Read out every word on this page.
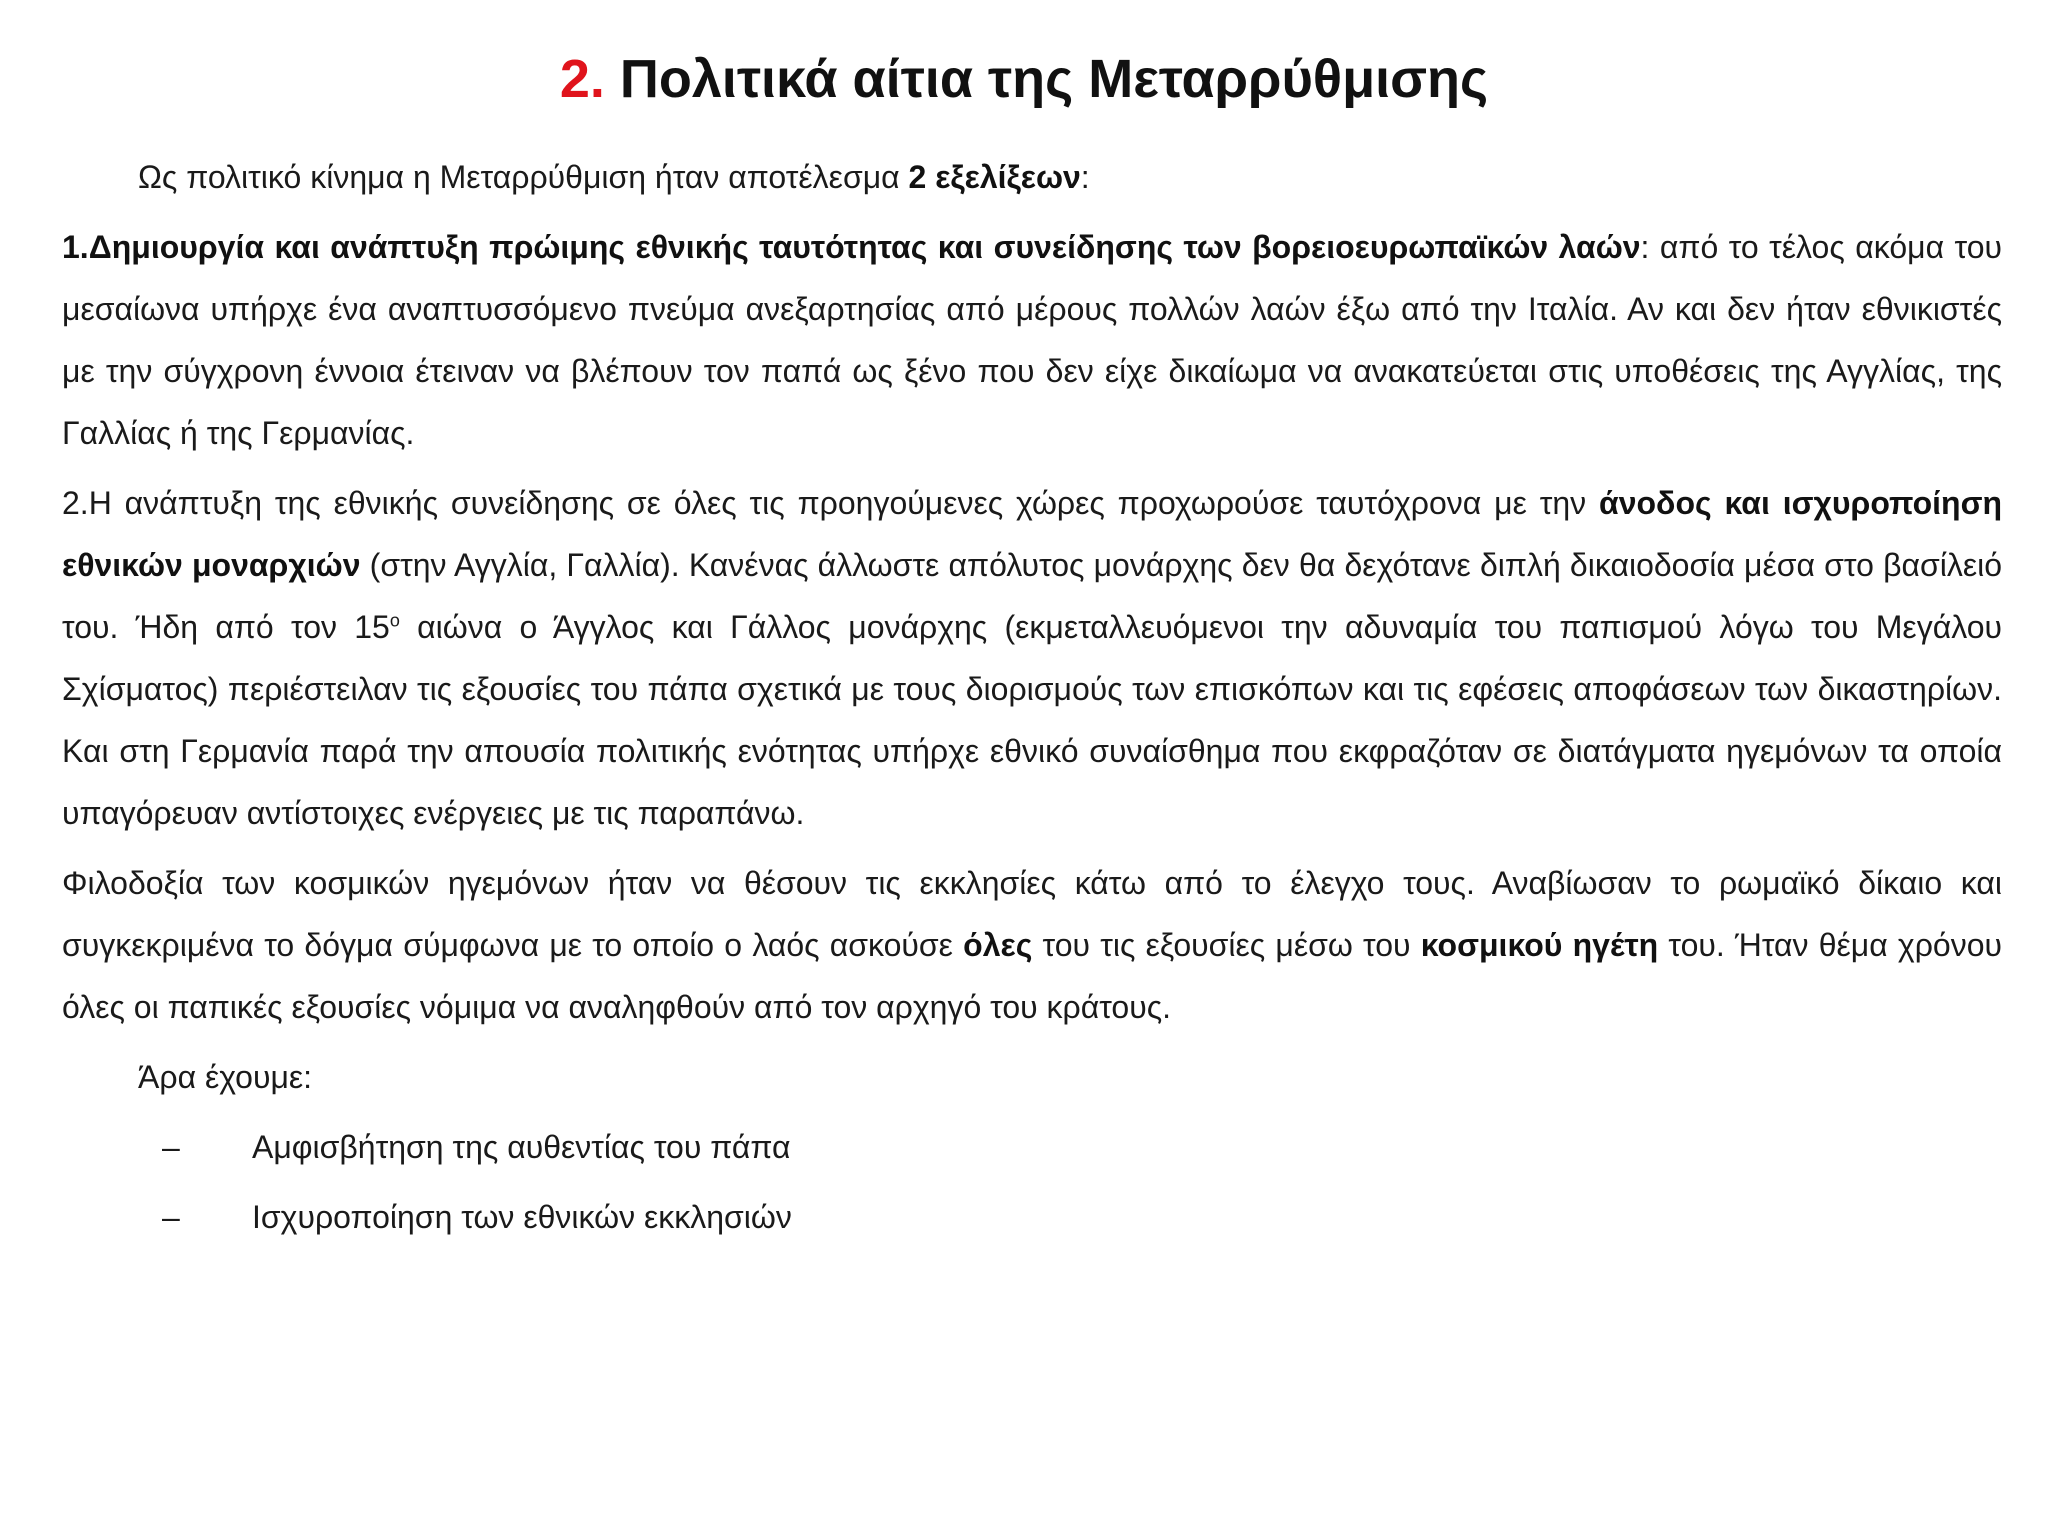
2. Πολιτικά αίτια της Μεταρρύθμισης

Ως πολιτικό κίνημα η Μεταρρύθμιση ήταν αποτέλεσμα 2 εξελίξεων:

1.Δημιουργία και ανάπτυξη πρώιμης εθνικής ταυτότητας και συνείδησης των βορειοευρωπαϊκών λαών: από το τέλος ακόμα του μεσαίωνα υπήρχε ένα αναπτυσσόμενο πνεύμα ανεξαρτησίας από μέρους πολλών λαών έξω από την Ιταλία. Αν και δεν ήταν εθνικιστές με την σύγχρονη έννοια έτειναν να βλέπουν τον παπά ως ξένο που δεν είχε δικαίωμα να ανακατεύεται στις υποθέσεις της Αγγλίας, της Γαλλίας ή της Γερμανίας.

2.Η ανάπτυξη της εθνικής συνείδησης σε όλες τις προηγούμενες χώρες προχωρούσε ταυτόχρονα με την άνοδος και ισχυροποίηση εθνικών μοναρχιών (στην Αγγλία, Γαλλία). Κανένας άλλωστε απόλυτος μονάρχης δεν θα δεχότανε διπλή δικαιοδοσία μέσα στο βασίλειό του. Ήδη από τον $15^o$ αιώνα ο Άγγλος και Γάλλος μονάρχης (εκμεταλλευόμενοι την αδυναμία του παπισμού λόγω του Μεγάλου Σχίσματος) περιέστειλαν τις εξουσίες του πάπα σχετικά με τους διορισμούς των επισκόπων και τις εφέσεις αποφάσεων των δικαστηρίων. Και στη Γερμανία παρά την απουσία πολιτικής ενότητας υπήρχε εθνικό συναίσθημα που εκφραζόταν σε διατάγματα ηγεμόνων τα οποία υπαγόρευαν αντίστοιχες ενέργειες με τις παραπάνω.

Φιλοδοξία των κοσμικών ηγεμόνων ήταν να θέσουν τις εκκλησίες κάτω από το έλεγχο τους. Αναβίωσαν το ρωμαϊκό δίκαιο και συγκεκριμένα το δόγμα σύμφωνα με το οποίο ο λαός ασκούσε όλες του τις εξουσίες μέσω του κοσμικού ηγέτη του. Ήταν θέμα χρόνου όλες οι παπικές εξουσίες νόμιμα να αναληφθούν από τον αρχηγό του κράτους.

Άρα έχουμε:

–	Αμφισβήτηση της αυθεντίας του πάπα
–	Ισχυροποίηση των εθνικών εκκλησιών
